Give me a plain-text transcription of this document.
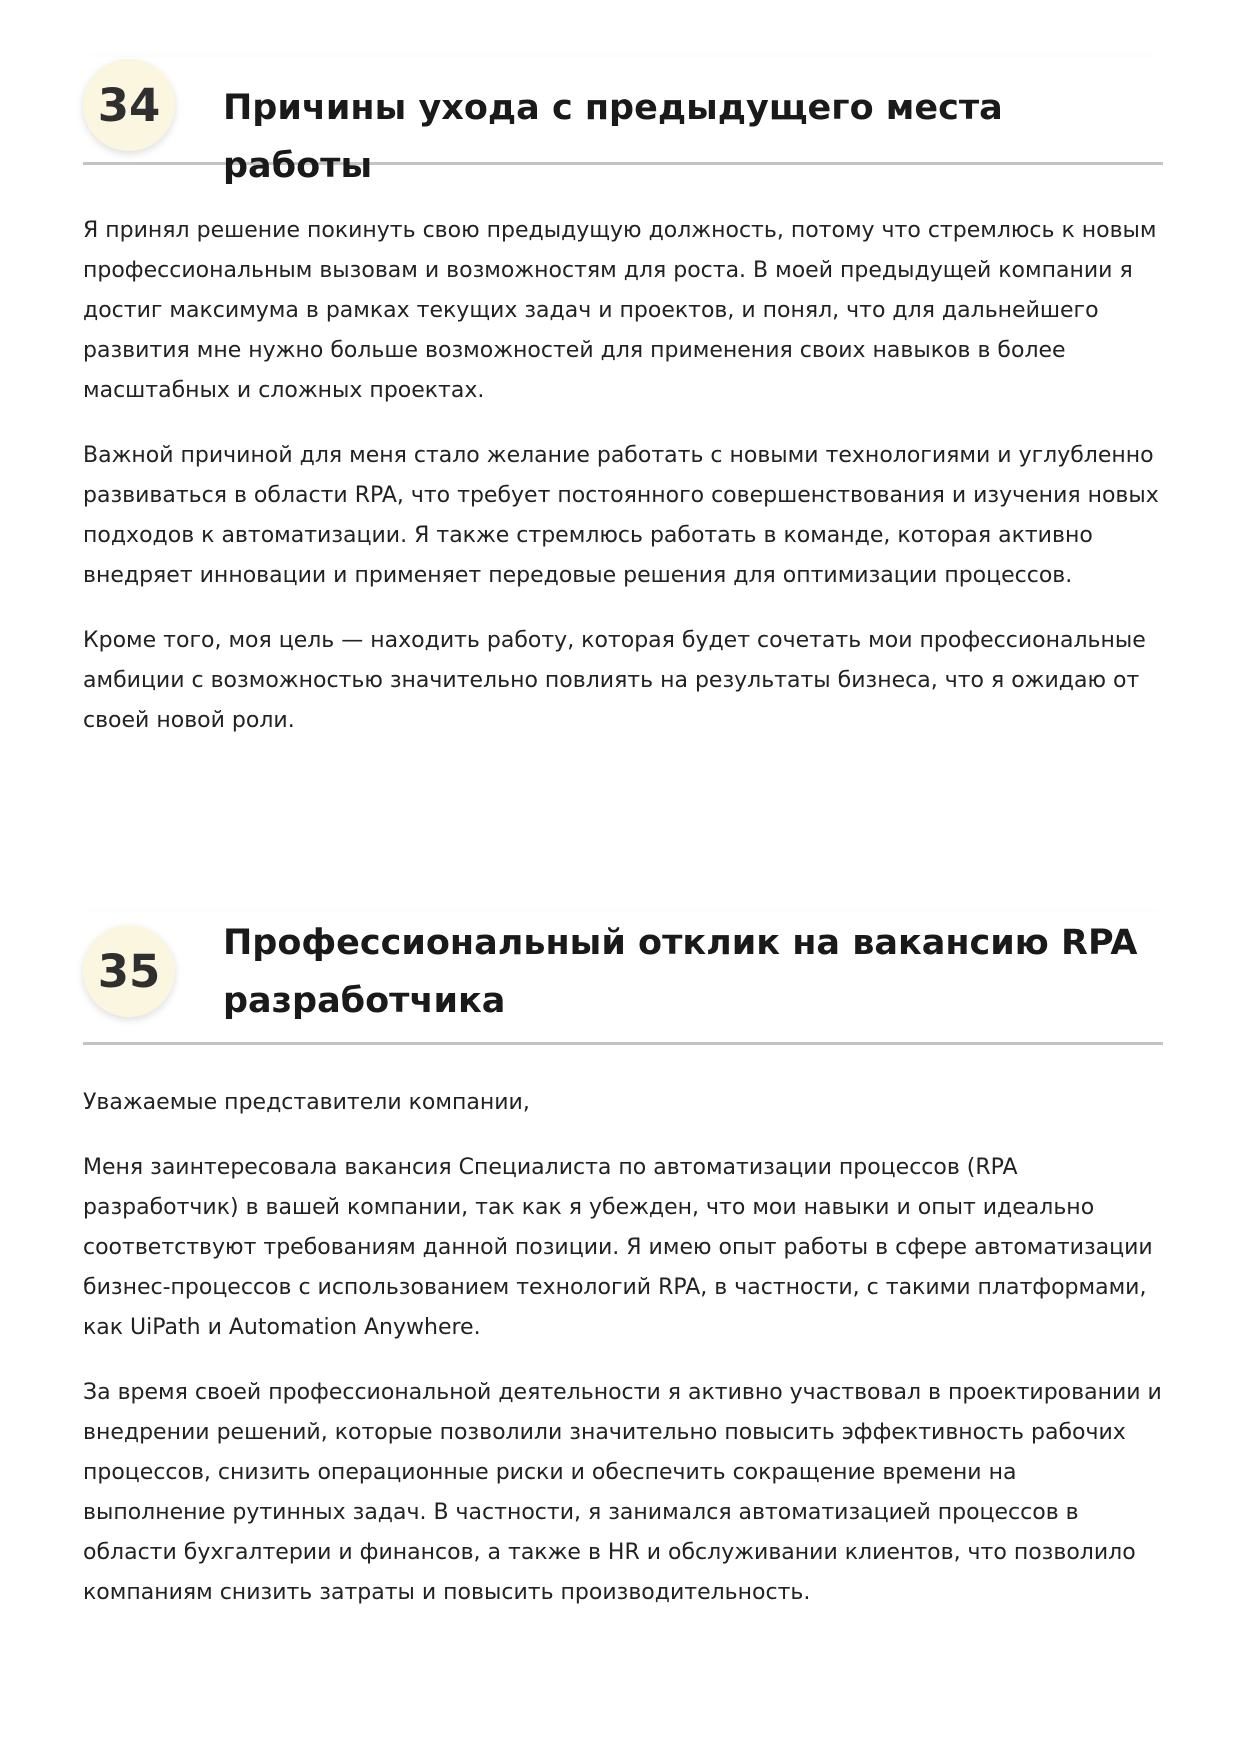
34	Причины ухода с предыдущего места работы

Я принял решение покинуть свою предыдущую должность, потому что стремлюсь к новым профессиональным вызовам и возможностям для роста. В моей предыдущей компании я достиг максимума в рамках текущих задач и проектов, и понял, что для дальнейшего развития мне нужно больше возможностей для применения своих навыков в более масштабных и сложных проектах.

Важной причиной для меня стало желание работать с новыми технологиями и углубленно развиваться в области RPA, что требует постоянного совершенствования и изучения новых подходов к автоматизации. Я также стремлюсь работать в команде, которая активно внедряет инновации и применяет передовые решения для оптимизации процессов.

Кроме того, моя цель — находить работу, которая будет сочетать мои профессиональные амбиции с возможностью значительно повлиять на результаты бизнеса, что я ожидаю от своей новой роли.

35
Профессиональный отклик на вакансию RPA разработчика

Уважаемые представители компании,

Меня заинтересовала вакансия Специалиста по автоматизации процессов (RPA разработчик) в вашей компании, так как я убежден, что мои навыки и опыт идеально соответствуют требованиям данной позиции. Я имею опыт работы в сфере автоматизации бизнес-процессов с использованием технологий RPA, в частности, с такими платформами, как UiPath и Automation Anywhere.

За время своей профессиональной деятельности я активно участвовал в проектировании и внедрении решений, которые позволили значительно повысить эффективность рабочих процессов, снизить операционные риски и обеспечить сокращение времени на выполнение рутинных задач. В частности, я занимался автоматизацией процессов в области бухгалтерии и финансов, а также в HR и обслуживании клиентов, что позволило компаниям снизить затраты и повысить производительность.
